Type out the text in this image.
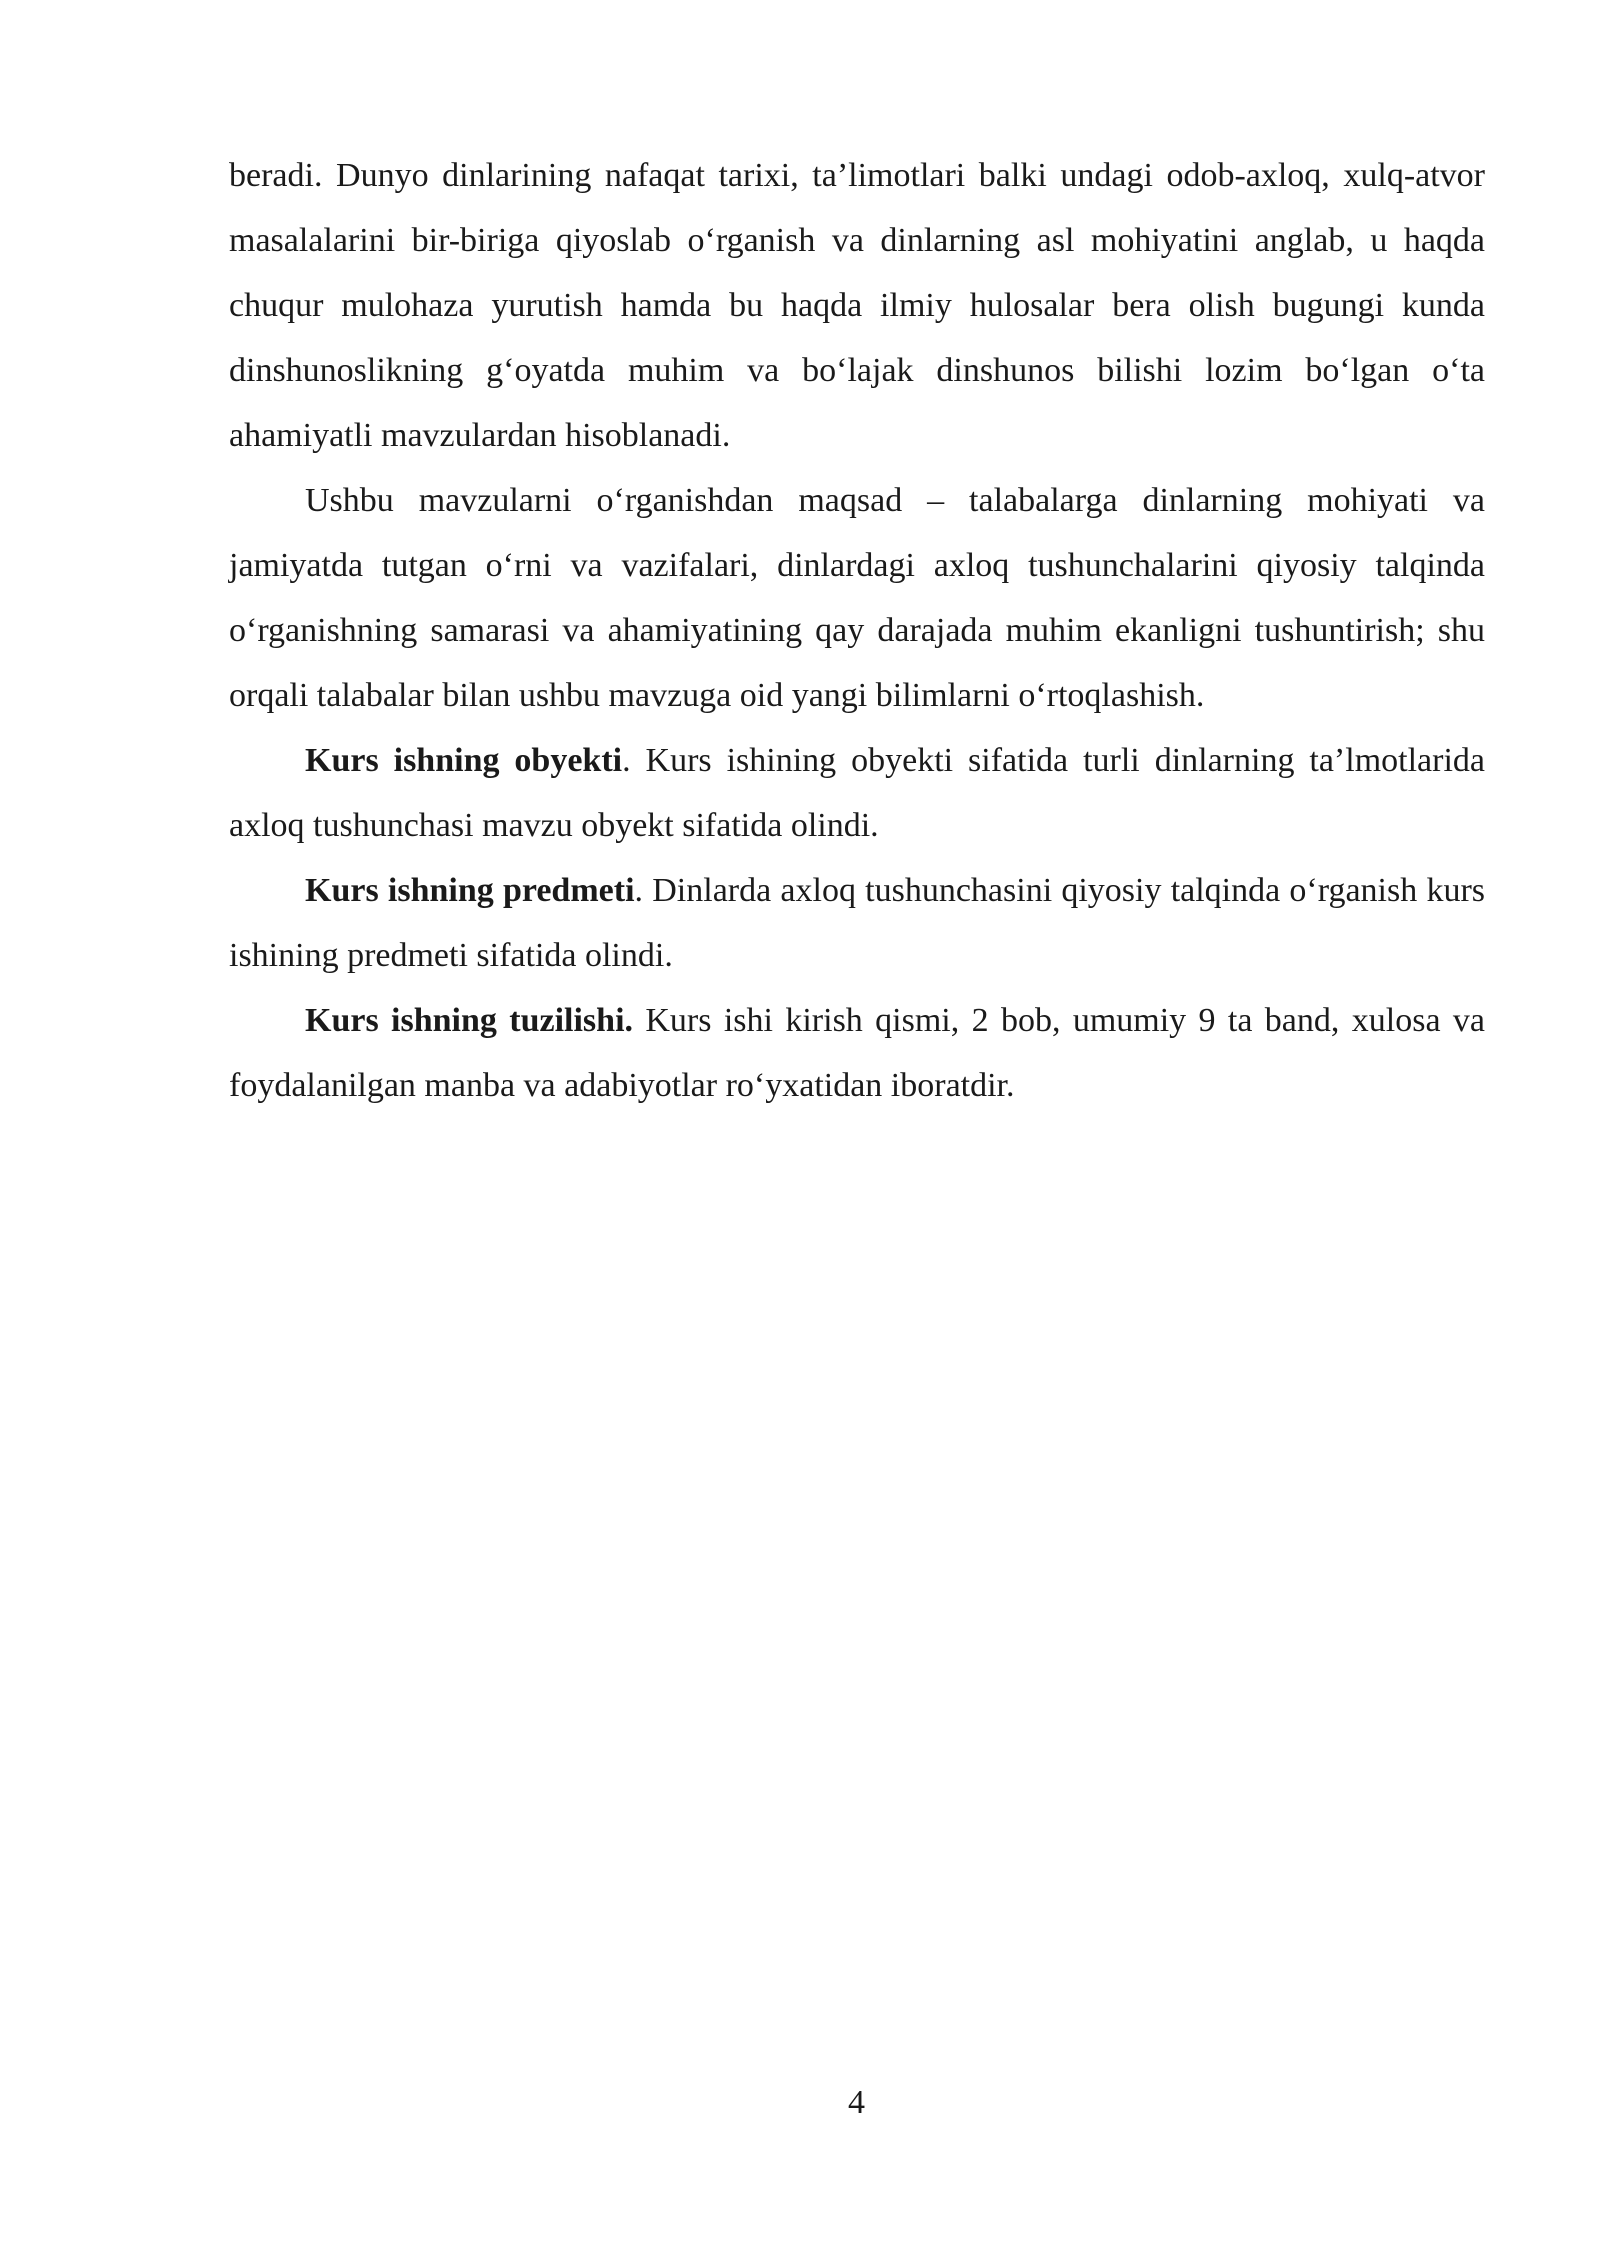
beradi. Dunyo dinlarining nafaqat tarixi, ta’limotlari balki undagi odob-axloq, xulq-atvor masalalarini bir-biriga qiyoslab o‘rganish va dinlarning asl mohiyatini anglab, u haqda chuqur mulohaza yurutish hamda bu haqda ilmiy hulosalar bera olish bugungi kunda dinshunoslikning g‘oyatda muhim va bo‘lajak dinshunos bilishi lozim bo‘lgan o‘ta ahamiyatli mavzulardan hisoblanadi.

Ushbu mavzularni o‘rganishdan maqsad – talabalarga dinlarning mohiyati va jamiyatda tutgan o‘rni va vazifalari, dinlardagi axloq tushunchalarini qiyosiy talqinda o‘rganishning samarasi va ahamiyatining qay darajada muhim ekanligni tushuntirish; shu orqali talabalar bilan ushbu mavzuga oid yangi bilimlarni o‘rtoqlashish.

Kurs ishning obyekti. Kurs ishining obyekti sifatida turli dinlarning ta’lmotlarida axloq tushunchasi mavzu obyekt sifatida olindi.

Kurs ishning predmeti. Dinlarda axloq tushunchasini qiyosiy talqinda o‘rganish kurs ishining predmeti sifatida olindi.

Kurs ishning tuzilishi. Kurs ishi kirish qismi, 2 bob, umumiy 9 ta band, xulosa va foydalanilgan manba va adabiyotlar ro‘yxatidan iboratdir.

4
